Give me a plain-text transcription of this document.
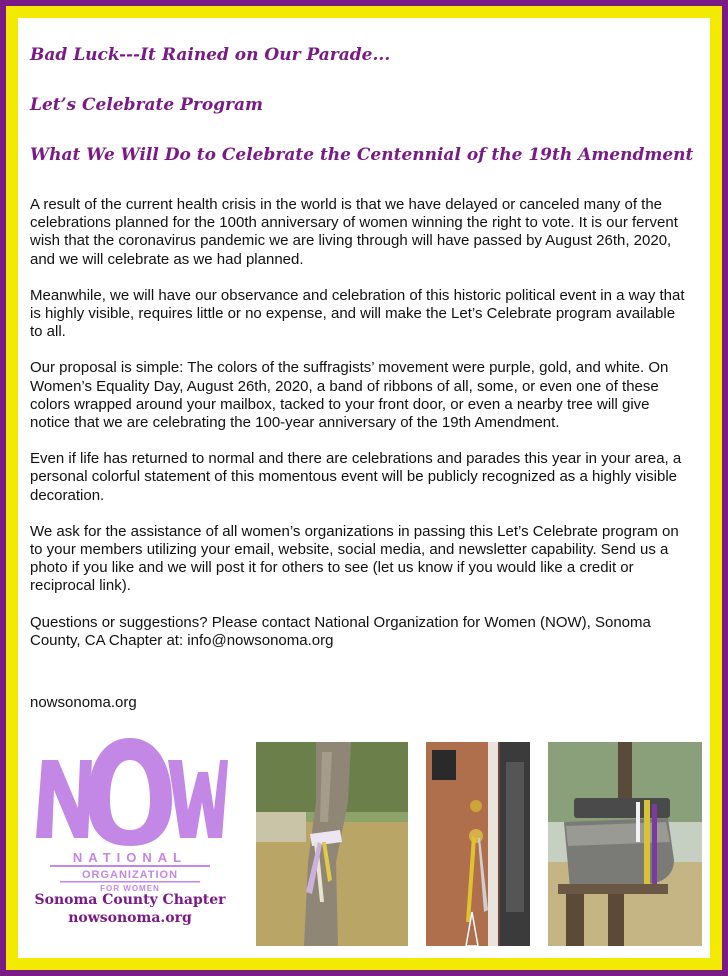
Bad Luck---It Rained on Our Parade...
Let’s Celebrate Program
What We Will Do to Celebrate the Centennial of the 19th Amendment

A result of the current health crisis in the world is that we have delayed or canceled many of the celebrations planned for the 100th anniversary of women winning the right to vote. It is our fervent wish that the coronavirus pandemic we are living through will have passed by August 26th, 2020, and we will celebrate as we had planned.

Meanwhile, we will have our observance and celebration of this historic political event in a way that is highly visible, requires little or no expense, and will make the Let’s Celebrate program available to all.

Our proposal is simple: The colors of the suffragists’ movement were purple, gold, and white. On Women’s Equality Day, August 26th, 2020, a band of ribbons of all, some, or even one of these colors wrapped around your mailbox, tacked to your front door, or even a nearby tree will give notice that we are celebrating the 100-year anniversary of the 19th Amendment.

Even if life has returned to normal and there are celebrations and parades this year in your area, a personal colorful statement of this momentous event will be publicly recognized as a highly visible decoration.

We ask for the assistance of all women’s organizations in passing this Let’s Celebrate program on to your members utilizing your email, website, social media, and newsletter capability. Send us a photo if you like and we will post it for others to see (let us know if you would like a credit or reciprocal link).

Questions or suggestions? Please contact National Organization for Women (NOW), Sonoma County, CA Chapter at: info@nowsonoma.org

nowsonoma.org
NATIONAL
ORGANIZATION
FOR WOMEN
Sonoma County Chapter
nowsonoma.org
